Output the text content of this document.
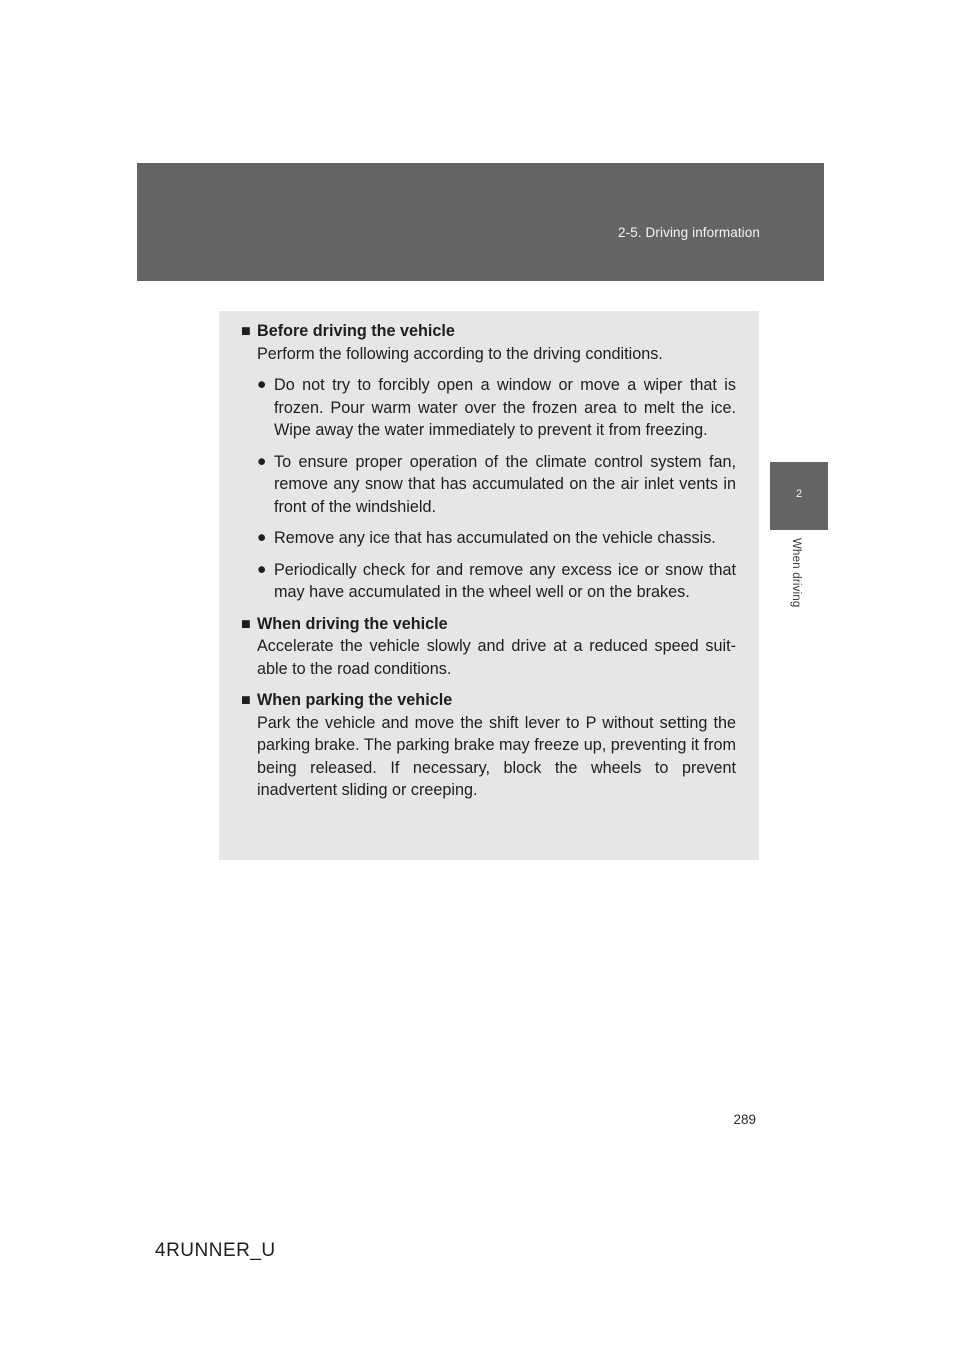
2-5. Driving information
2
When driving
■ Before driving the vehicle
Perform the following according to the driving conditions.
● Do not try to forcibly open a window or move a wiper that is frozen. Pour warm water over the frozen area to melt the ice. Wipe away the water immediately to prevent it from freezing.
● To ensure proper operation of the climate control system fan, remove any snow that has accumulated on the air inlet vents in front of the windshield.
● Remove any ice that has accumulated on the vehicle chassis.
● Periodically check for and remove any excess ice or snow that may have accumulated in the wheel well or on the brakes.
■ When driving the vehicle
Accelerate the vehicle slowly and drive at a reduced speed suit-able to the road conditions.
■ When parking the vehicle
Park the vehicle and move the shift lever to P without setting the parking brake. The parking brake may freeze up, preventing it from being released. If necessary, block the wheels to prevent inadvertent sliding or creeping.
289
4RUNNER_U
